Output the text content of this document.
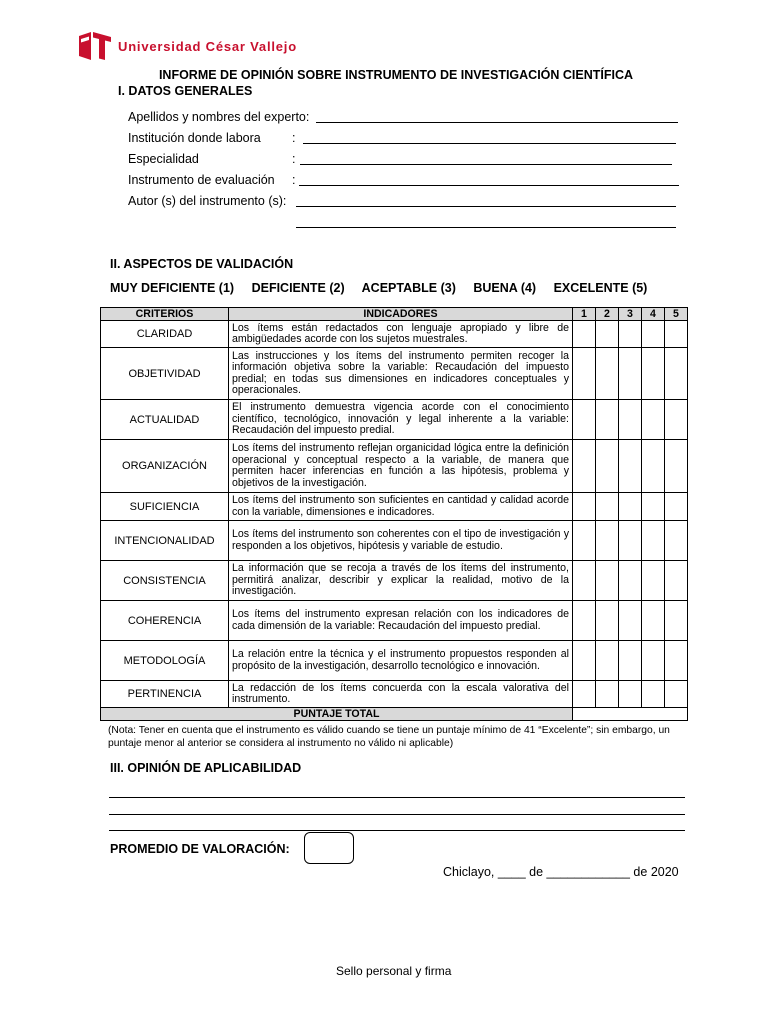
Universidad César Vallejo
INFORME DE OPINIÓN SOBRE INSTRUMENTO DE INVESTIGACIÓN CIENTÍFICA
I. DATOS GENERALES
Apellidos y nombres del experto:
Institución donde labora	:
Especialidad	:
Instrumento de evaluación :
Autor (s) del instrumento (s):
II. ASPECTOS DE VALIDACIÓN
MUY DEFICIENTE (1) DEFICIENTE (2) ACEPTABLE (3) BUENA (4) EXCELENTE (5)
CRITERIOS	INDICADORES	1	2	3	4	5
CLARIDAD	Los ítems están redactados con lenguaje apropiado y libre de ambigüedades acorde con los sujetos muestrales.					
OBJETIVIDAD	Las instrucciones y los ítems del instrumento permiten recoger la información objetiva sobre la variable: Recaudación del impuesto predial; en todas sus dimensiones en indicadores conceptuales y operacionales.					
ACTUALIDAD	El instrumento demuestra vigencia acorde con el conocimiento científico, tecnológico, innovación y legal inherente a la variable: Recaudación del impuesto predial.					
ORGANIZACIÓN	Los ítems del instrumento reflejan organicidad lógica entre la definición operacional y conceptual respecto a la variable, de manera que permiten hacer inferencias en función a las hipótesis, problema y objetivos de la investigación.					
SUFICIENCIA	Los ítems del instrumento son suficientes en cantidad y calidad acorde con la variable, dimensiones e indicadores.					
INTENCIONALIDAD	Los ítems del instrumento son coherentes con el tipo de investigación y responden a los objetivos, hipótesis y variable de estudio.					
CONSISTENCIA	La información que se recoja a través de los ítems del instrumento, permitirá analizar, describir y explicar la realidad, motivo de la investigación.					
COHERENCIA	Los ítems del instrumento expresan relación con los indicadores de cada dimensión de la variable: Recaudación del impuesto predial.					
METODOLOGÍA	La relación entre la técnica y el instrumento propuestos responden al propósito de la investigación, desarrollo tecnológico e innovación.					
PERTINENCIA	La redacción de los ítems concuerda con la escala valorativa del instrumento.					
PUNTAJE TOTAL						
(Nota: Tener en cuenta que el instrumento es válido cuando se tiene un puntaje mínimo de 41 “Excelente”; sin embargo, un puntaje menor al anterior se considera al instrumento no válido ni aplicable)
III. OPINIÓN DE APLICABILIDAD
PROMEDIO DE VALORACIÓN:
Chiclayo, ____ de ____________ de 2020
Sello personal y firma
